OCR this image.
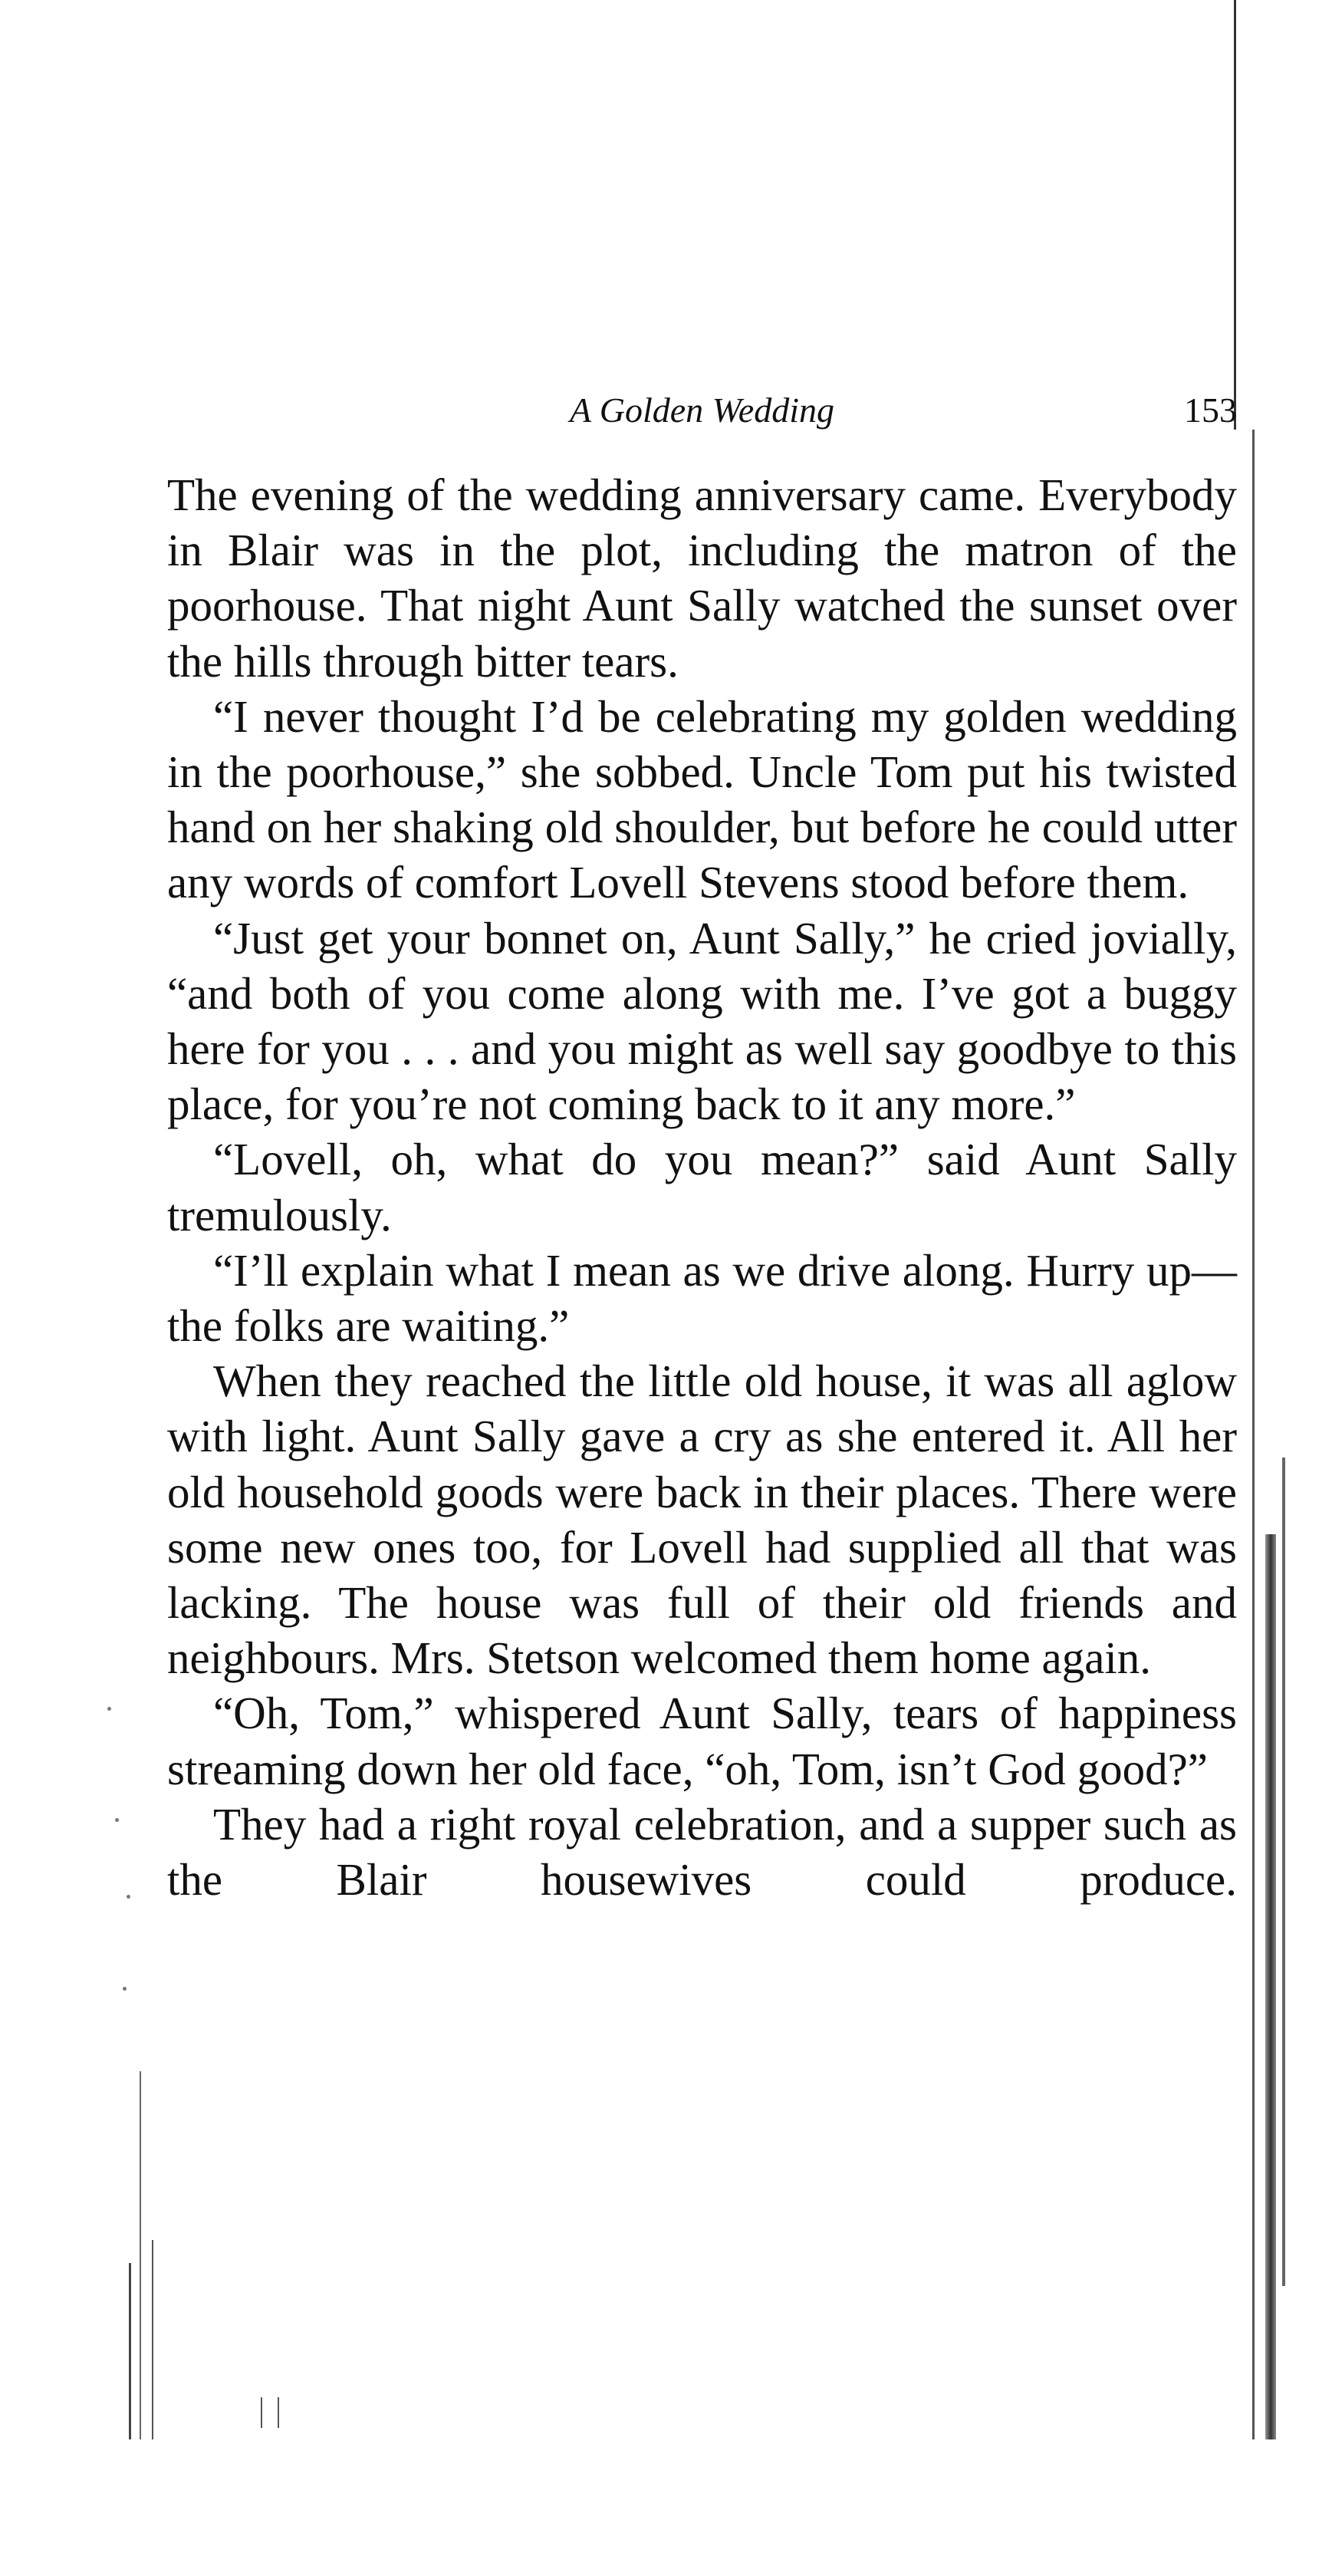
A Golden Wedding	153

The evening of the wedding anniversary came. Everybody in Blair was in the plot, including the matron of the poorhouse. That night Aunt Sally watched the sunset over the hills through bitter tears.

“I never thought I’d be celebrating my golden wedding in the poorhouse,” she sobbed. Uncle Tom put his twisted hand on her shaking old shoulder, but before he could utter any words of comfort Lovell Stevens stood before them.

“Just get your bonnet on, Aunt Sally,” he cried jovially, “and both of you come along with me. I’ve got a buggy here for you . . . and you might as well say goodbye to this place, for you’re not coming back to it any more.”

“Lovell, oh, what do you mean?” said Aunt Sally tremulously.

“I’ll explain what I mean as we drive along. Hurry up—the folks are waiting.”

When they reached the little old house, it was all aglow with light. Aunt Sally gave a cry as she entered it. All her old household goods were back in their places. There were some new ones too, for Lovell had supplied all that was lacking. The house was full of their old friends and neighbours. Mrs. Stetson welcomed them home again.

“Oh, Tom,” whispered Aunt Sally, tears of happiness streaming down her old face, “oh, Tom, isn’t God good?”

They had a right royal celebration, and a supper such as the Blair housewives could produce.
